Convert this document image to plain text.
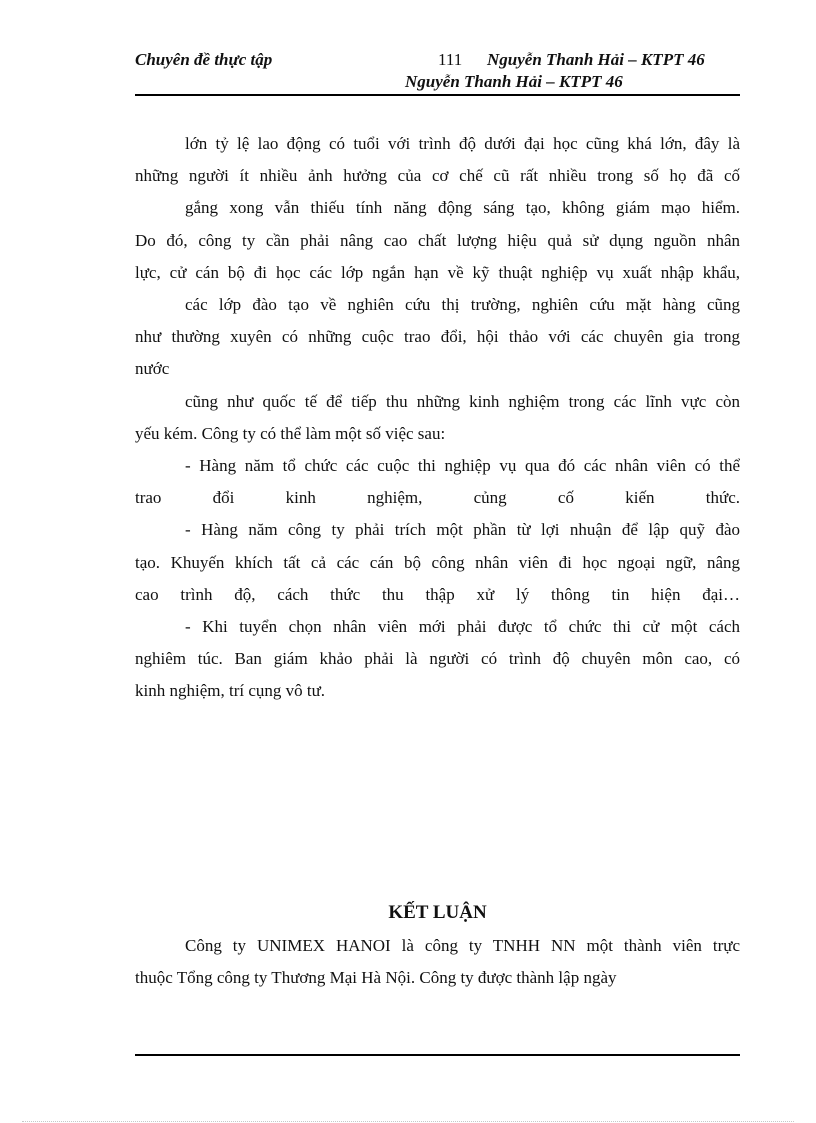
Chuyên đề thực tập	111 Nguyễn Thanh Hải – KTPT 46
Nguyễn Thanh Hải – KTPT 46
lớn tỷ lệ lao động có tuổi với trình độ dưới đại học cũng khá lớn, đây là
những người ít nhiều ảnh hưởng của cơ chế cũ rất nhiều trong số họ đã cố
gắng xong vẫn thiếu tính năng động sáng tạo, không giám mạo hiểm.
Do đó, công ty cần phải nâng cao chất lượng hiệu quả sử dụng nguồn nhân
lực, cử cán bộ đi học các lớp ngắn hạn về kỹ thuật nghiệp vụ xuất nhập khẩu,
các lớp đào tạo về nghiên cứu thị trường, nghiên cứu mặt hàng cũng
như thường xuyên có những cuộc trao đổi, hội thảo với các chuyên gia trong
nước
cũng như quốc tế để tiếp thu những kinh nghiệm trong các lĩnh vực còn
yếu kém. Công ty có thể làm một số việc sau:
- Hàng năm tổ chức các cuộc thi nghiệp vụ qua đó các nhân viên có thể
trao đổi kinh nghiệm, củng cố kiến thức.
- Hàng năm công ty phải trích một phần từ lợi nhuận để lập quỹ đào
tạo. Khuyến khích tất cả các cán bộ công nhân viên đi học ngoại ngữ, nâng
cao trình độ, cách thức thu thập xử lý thông tin hiện đại…
- Khi tuyển chọn nhân viên mới phải được tổ chức thi cử một cách
nghiêm túc. Ban giám khảo phải là người có trình độ chuyên môn cao, có
kinh nghiệm, trí cụng vô tư.
KẾT LUẬN
Công ty UNIMEX HANOI là công ty TNHH NN một thành viên trực
thuộc Tổng công ty Thương Mại Hà Nội. Công ty được thành lập ngày
